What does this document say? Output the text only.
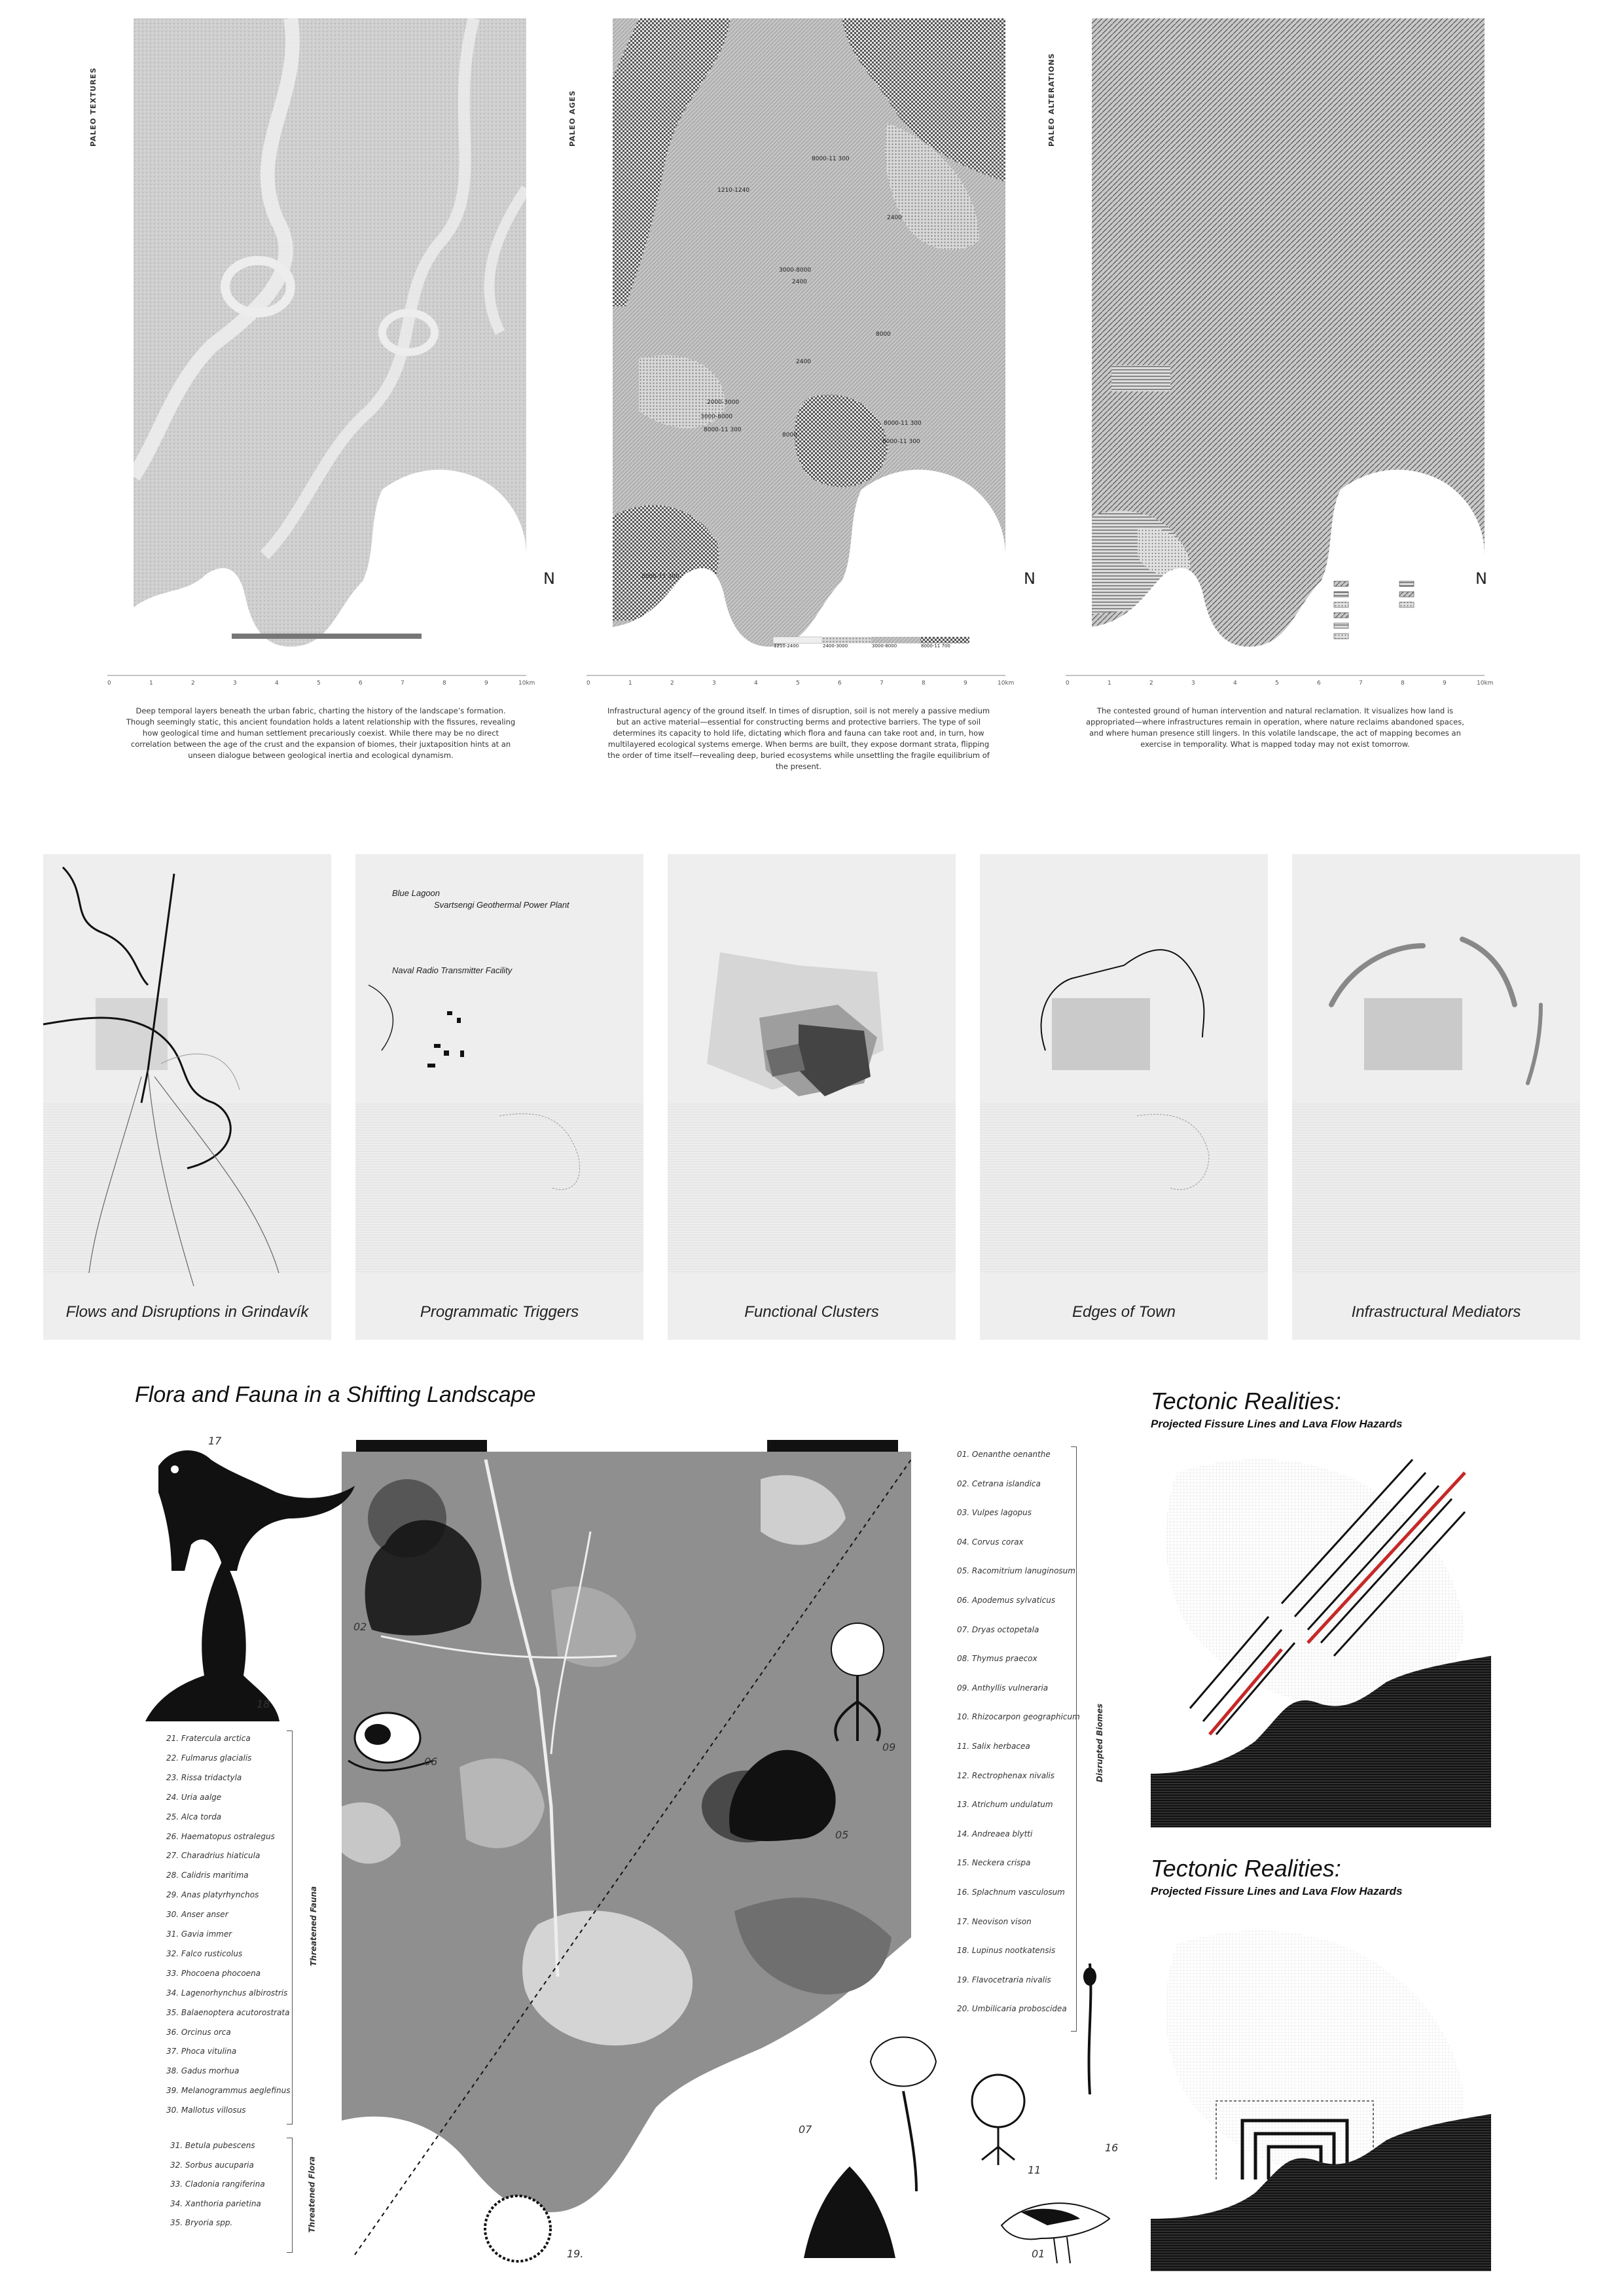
PALEO TEXTURES
N
PALEO AGES
1210-1240
8000-11 300
3000-8000
2400
2400
2000-3000
3000-8000
8000-11 300
8000
8000-11 300
8000-11 300
8000-11 300
8000
2400
1210-2400	2400-3000	3000-8000	8000-11 700
N
PALEO ALTERATIONS
N
0	1	2	3	4	5	6	7	8	9	10km	0	1	2	3	4	5	6	7	8	9	10km	0	1	2	3	4	5	6	7	8	9	10km
Deep temporal layers beneath the urban fabric, charting the history of the landscape’s formation. Though seemingly static, this ancient foundation holds a latent relationship with the fissures, revealing how geological time and human settlement precariously coexist. While there may be no direct correlation between the age of the crust and the expansion of biomes, their juxtaposition hints at an unseen dialogue between geological inertia and ecological dynamism.
Infrastructural agency of the ground itself. In times of disruption, soil is not merely a passive medium but an active material—essential for constructing berms and protective barriers. The type of soil determines its capacity to hold life, dictating which flora and fauna can take root and, in turn, how multilayered ecological systems emerge. When berms are built, they expose dormant strata, flipping the order of time itself—revealing deep, buried ecosystems while unsettling the fragile equilibrium of the present.
The contested ground of human intervention and natural reclamation. It visualizes how land is appropriated—where infrastructures remain in operation, where nature reclaims abandoned spaces, and where human presence still lingers. In this volatile landscape, the act of mapping becomes an exercise in temporality. What is mapped today may not exist tomorrow.
Flows and Disruptions in Grindavík
Blue Lagoon
Svartsengi Geothermal Power Plant
Naval Radio Transmitter Facility
Programmatic Triggers	Functional Clusters	Edges of Town	Infrastructural Mediators
Flora and Fauna in a Shifting Landscape
17
18
02
06
09
05
07
11
16
01
19.
01. Oenanthe oenanthe
02. Cetrarıa islandica
03. Vulpes lagopus
04. Corvus corax
05. Racomitrium lanuginosum
06. Apodemus sylvaticus
07. Dryas octopetala
08. Thymus praecox
09. Anthyllis vulneraria
10. Rhizocarpon geographicum
11. Salix herbacea
12. Rectrophenax nivalis
13. Atrichum undulatum
14. Andreaea blytti
15. Neckera crispa
16. Splachnum vasculosum
17. Neovison vison
18. Lupinus nootkatensis
19. Flavocetraria nivalis
20. Umbilicaria proboscidea
Disrupted Biomes
21. Fratercula arctica
22. Fulmarus glacialis
23. Rissa tridactyla
24. Uria aalge
25. Alca torda
26. Haematopus ostralegus
27. Charadrius hiaticula
28. Calidris maritima
29. Anas platyrhynchos
30. Anser anser
31. Gavia immer
32. Falco rusticolus
33. Phocoena phocoena
34. Lagenorhynchus albirostris
35. Balaenoptera acutorostrata
36. Orcinus orca
37. Phoca vitulina
38. Gadus morhua
39. Melanogrammus aeglefinus
30. Mallotus villosus
Threatened Fauna
31. Betula pubescens
32. Sorbus aucuparia
33. Cladonia rangiferina
34. Xanthoria parietina
35. Bryoria spp.	Threatened Flora
Tectonic Realities:
Projected Fissure Lines and Lava Flow Hazards
Tectonic Realities:
Projected Fissure Lines and Lava Flow Hazards
